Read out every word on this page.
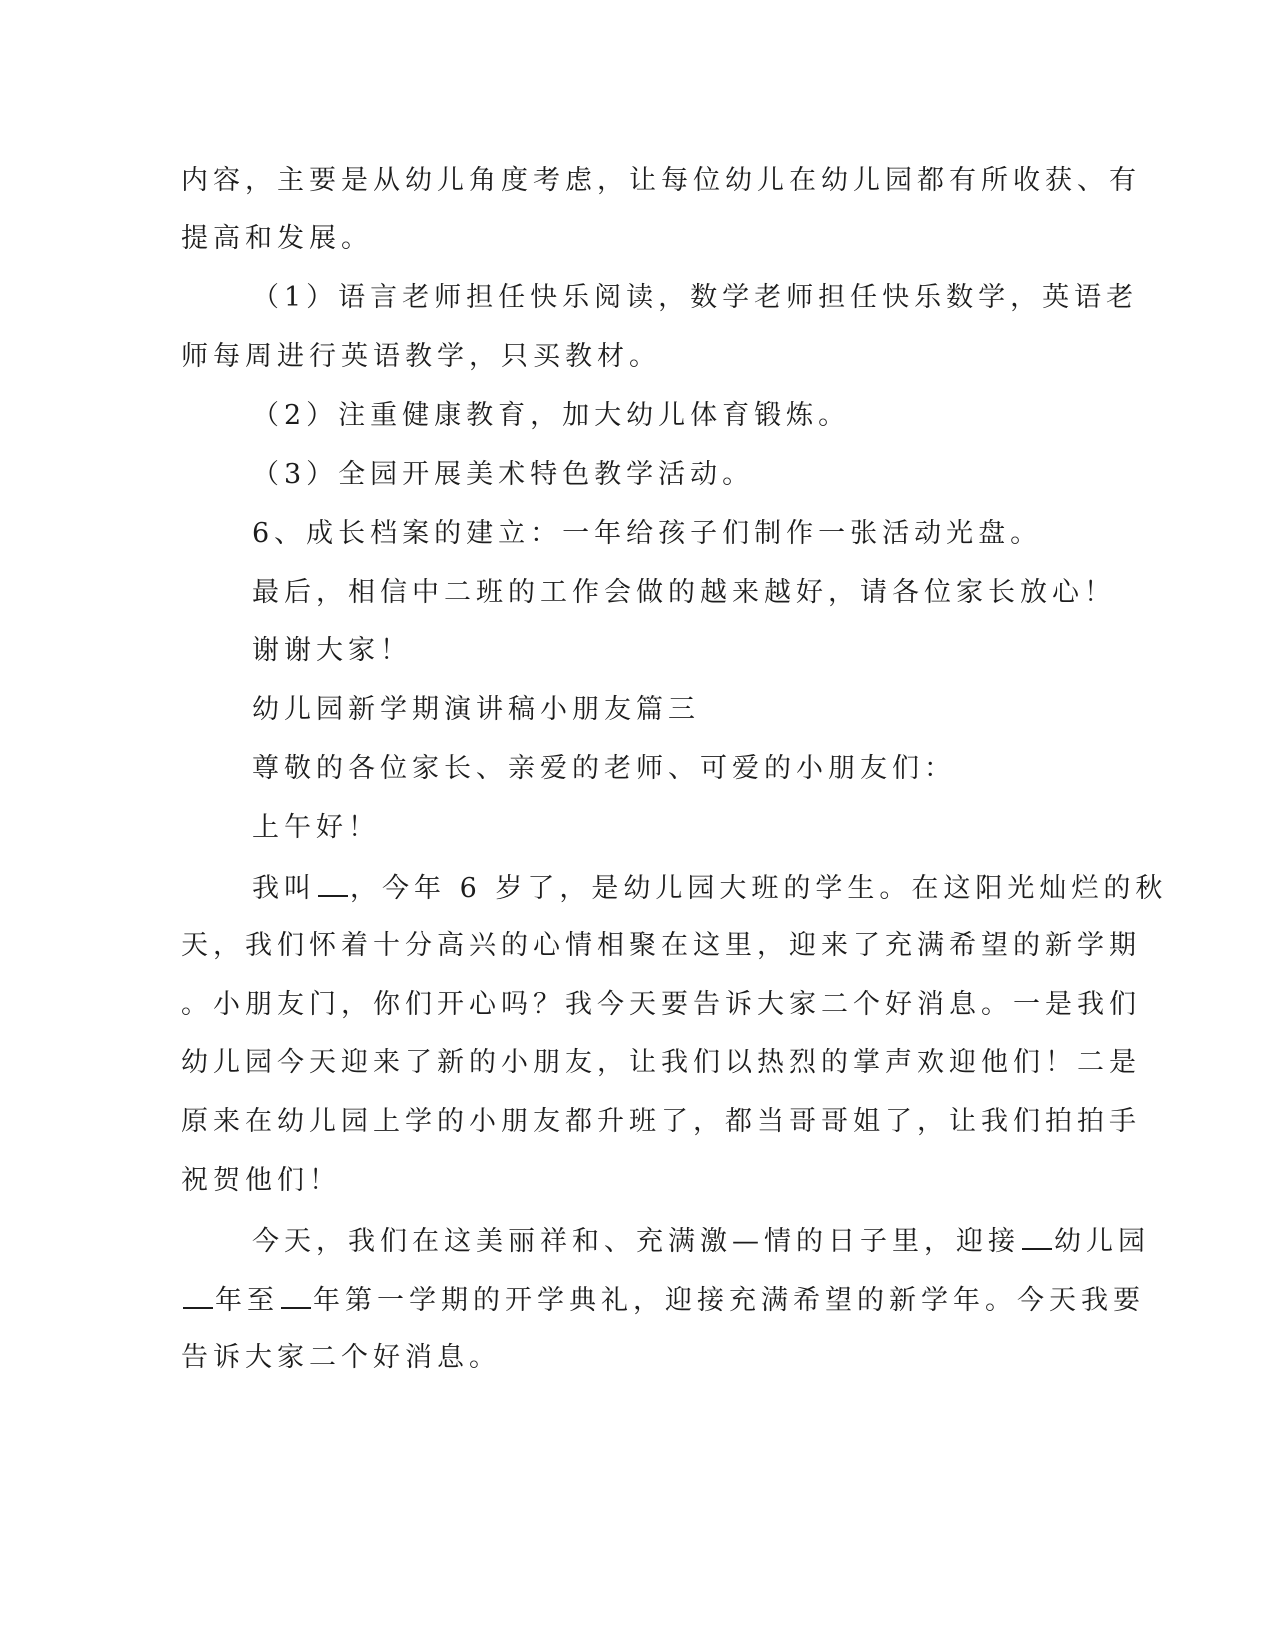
内容，主要是从幼儿角度考虑，让每位幼儿在幼儿园都有所收获、有

提高和发展。

（1）语言老师担任快乐阅读，数学老师担任快乐数学，英语老

师每周进行英语教学，只买教材。

（2）注重健康教育，加大幼儿体育锻炼。

（3）全园开展美术特色教学活动。

6、成长档案的建立：一年给孩子们制作一张活动光盘。

最后，相信中二班的工作会做的越来越好，请各位家长放心！

谢谢大家！

幼儿园新学期演讲稿小朋友篇三

尊敬的各位家长、亲爱的老师、可爱的小朋友们：

上午好！

我叫 ，今年 6 岁了，是幼儿园大班的学生。在这阳光灿烂的秋

天，我们怀着十分高兴的心情相聚在这里，迎来了充满希望的新学期

。小朋友门，你们开心吗？我今天要告诉大家二个好消息。一是我们

幼儿园今天迎来了新的小朋友，让我们以热烈的掌声欢迎他们！二是

原来在幼儿园上学的小朋友都升班了，都当哥哥姐了，让我们拍拍手

祝贺他们！

今天，我们在这美丽祥和、充满激—情的日子里，迎接 幼儿园

年至 年第一学期的开学典礼，迎接充满希望的新学年。今天我要

告诉大家二个好消息。
